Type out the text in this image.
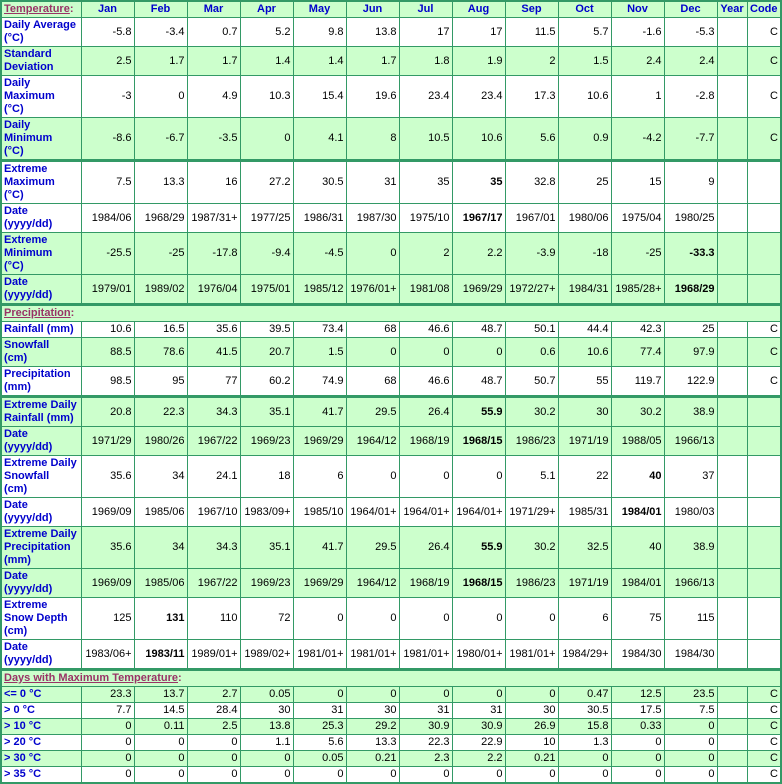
Temperature:	Jan	Feb	Mar	Apr	May	Jun	Jul	Aug	Sep	Oct	Nov	Dec	Year	Code
Daily Average
(°C)	-5.8	-3.4	0.7	5.2	9.8	13.8	17	17	11.5	5.7	-1.6	-5.3		C
Standard
Deviation	2.5	1.7	1.7	1.4	1.4	1.7	1.8	1.9	2	1.5	2.4	2.4		C
Daily
Maximum
(°C)	-3	0	4.9	10.3	15.4	19.6	23.4	23.4	17.3	10.6	1	-2.8		C
Daily
Minimum
(°C)	-8.6	-6.7	-3.5	0	4.1	8	10.5	10.6	5.6	0.9	-4.2	-7.7		C
Extreme
Maximum
(°C)	7.5	13.3	16	27.2	30.5	31	35	35	32.8	25	15	9		
Date
(yyyy/dd)	1984/06	1968/29	1987/31+	1977/25	1986/31	1987/30	1975/10	1967/17	1967/01	1980/06	1975/04	1980/25		
Extreme
Minimum
(°C)	-25.5	-25	-17.8	-9.4	-4.5	0	2	2.2	-3.9	-18	-25	-33.3		
Date
(yyyy/dd)	1979/01	1989/02	1976/04	1975/01	1985/12	1976/01+	1981/08	1969/29	1972/27+	1984/31	1985/28+	1968/29		
Precipitation:														
Rainfall (mm)	10.6	16.5	35.6	39.5	73.4	68	46.6	48.7	50.1	44.4	42.3	25		C
Snowfall
(cm)	88.5	78.6	41.5	20.7	1.5	0	0	0	0.6	10.6	77.4	97.9		C
Precipitation
(mm)	98.5	95	77	60.2	74.9	68	46.6	48.7	50.7	55	119.7	122.9		C
Extreme Daily
Rainfall (mm)	20.8	22.3	34.3	35.1	41.7	29.5	26.4	55.9	30.2	30	30.2	38.9		
Date
(yyyy/dd)	1971/29	1980/26	1967/22	1969/23	1969/29	1964/12	1968/19	1968/15	1986/23	1971/19	1988/05	1966/13		
Extreme Daily
Snowfall
(cm)	35.6	34	24.1	18	6	0	0	0	5.1	22	40	37		
Date
(yyyy/dd)	1969/09	1985/06	1967/10	1983/09+	1985/10	1964/01+	1964/01+	1964/01+	1971/29+	1985/31	1984/01	1980/03		
Extreme Daily
Precipitation
(mm)	35.6	34	34.3	35.1	41.7	29.5	26.4	55.9	30.2	32.5	40	38.9		
Date
(yyyy/dd)	1969/09	1985/06	1967/22	1969/23	1969/29	1964/12	1968/19	1968/15	1986/23	1971/19	1984/01	1966/13		
Extreme
Snow Depth
(cm)	125	131	110	72	0	0	0	0	0	6	75	115		
Date
(yyyy/dd)	1983/06+	1983/11	1989/01+	1989/02+	1981/01+	1981/01+	1981/01+	1980/01+	1981/01+	1984/29+	1984/30	1984/30		
Days with Maximum Temperature:														
<= 0 °C	23.3	13.7	2.7	0.05	0	0	0	0	0	0.47	12.5	23.5		C
> 0 °C	7.7	14.5	28.4	30	31	30	31	31	30	30.5	17.5	7.5		C
> 10 °C	0	0.11	2.5	13.8	25.3	29.2	30.9	30.9	26.9	15.8	0.33	0		C
> 20 °C	0	0	0	1.1	5.6	13.3	22.3	22.9	10	1.3	0	0		C
> 30 °C	0	0	0	0	0.05	0.21	2.3	2.2	0.21	0	0	0		C
> 35 °C	0	0	0	0	0	0	0	0	0	0	0	0		C
